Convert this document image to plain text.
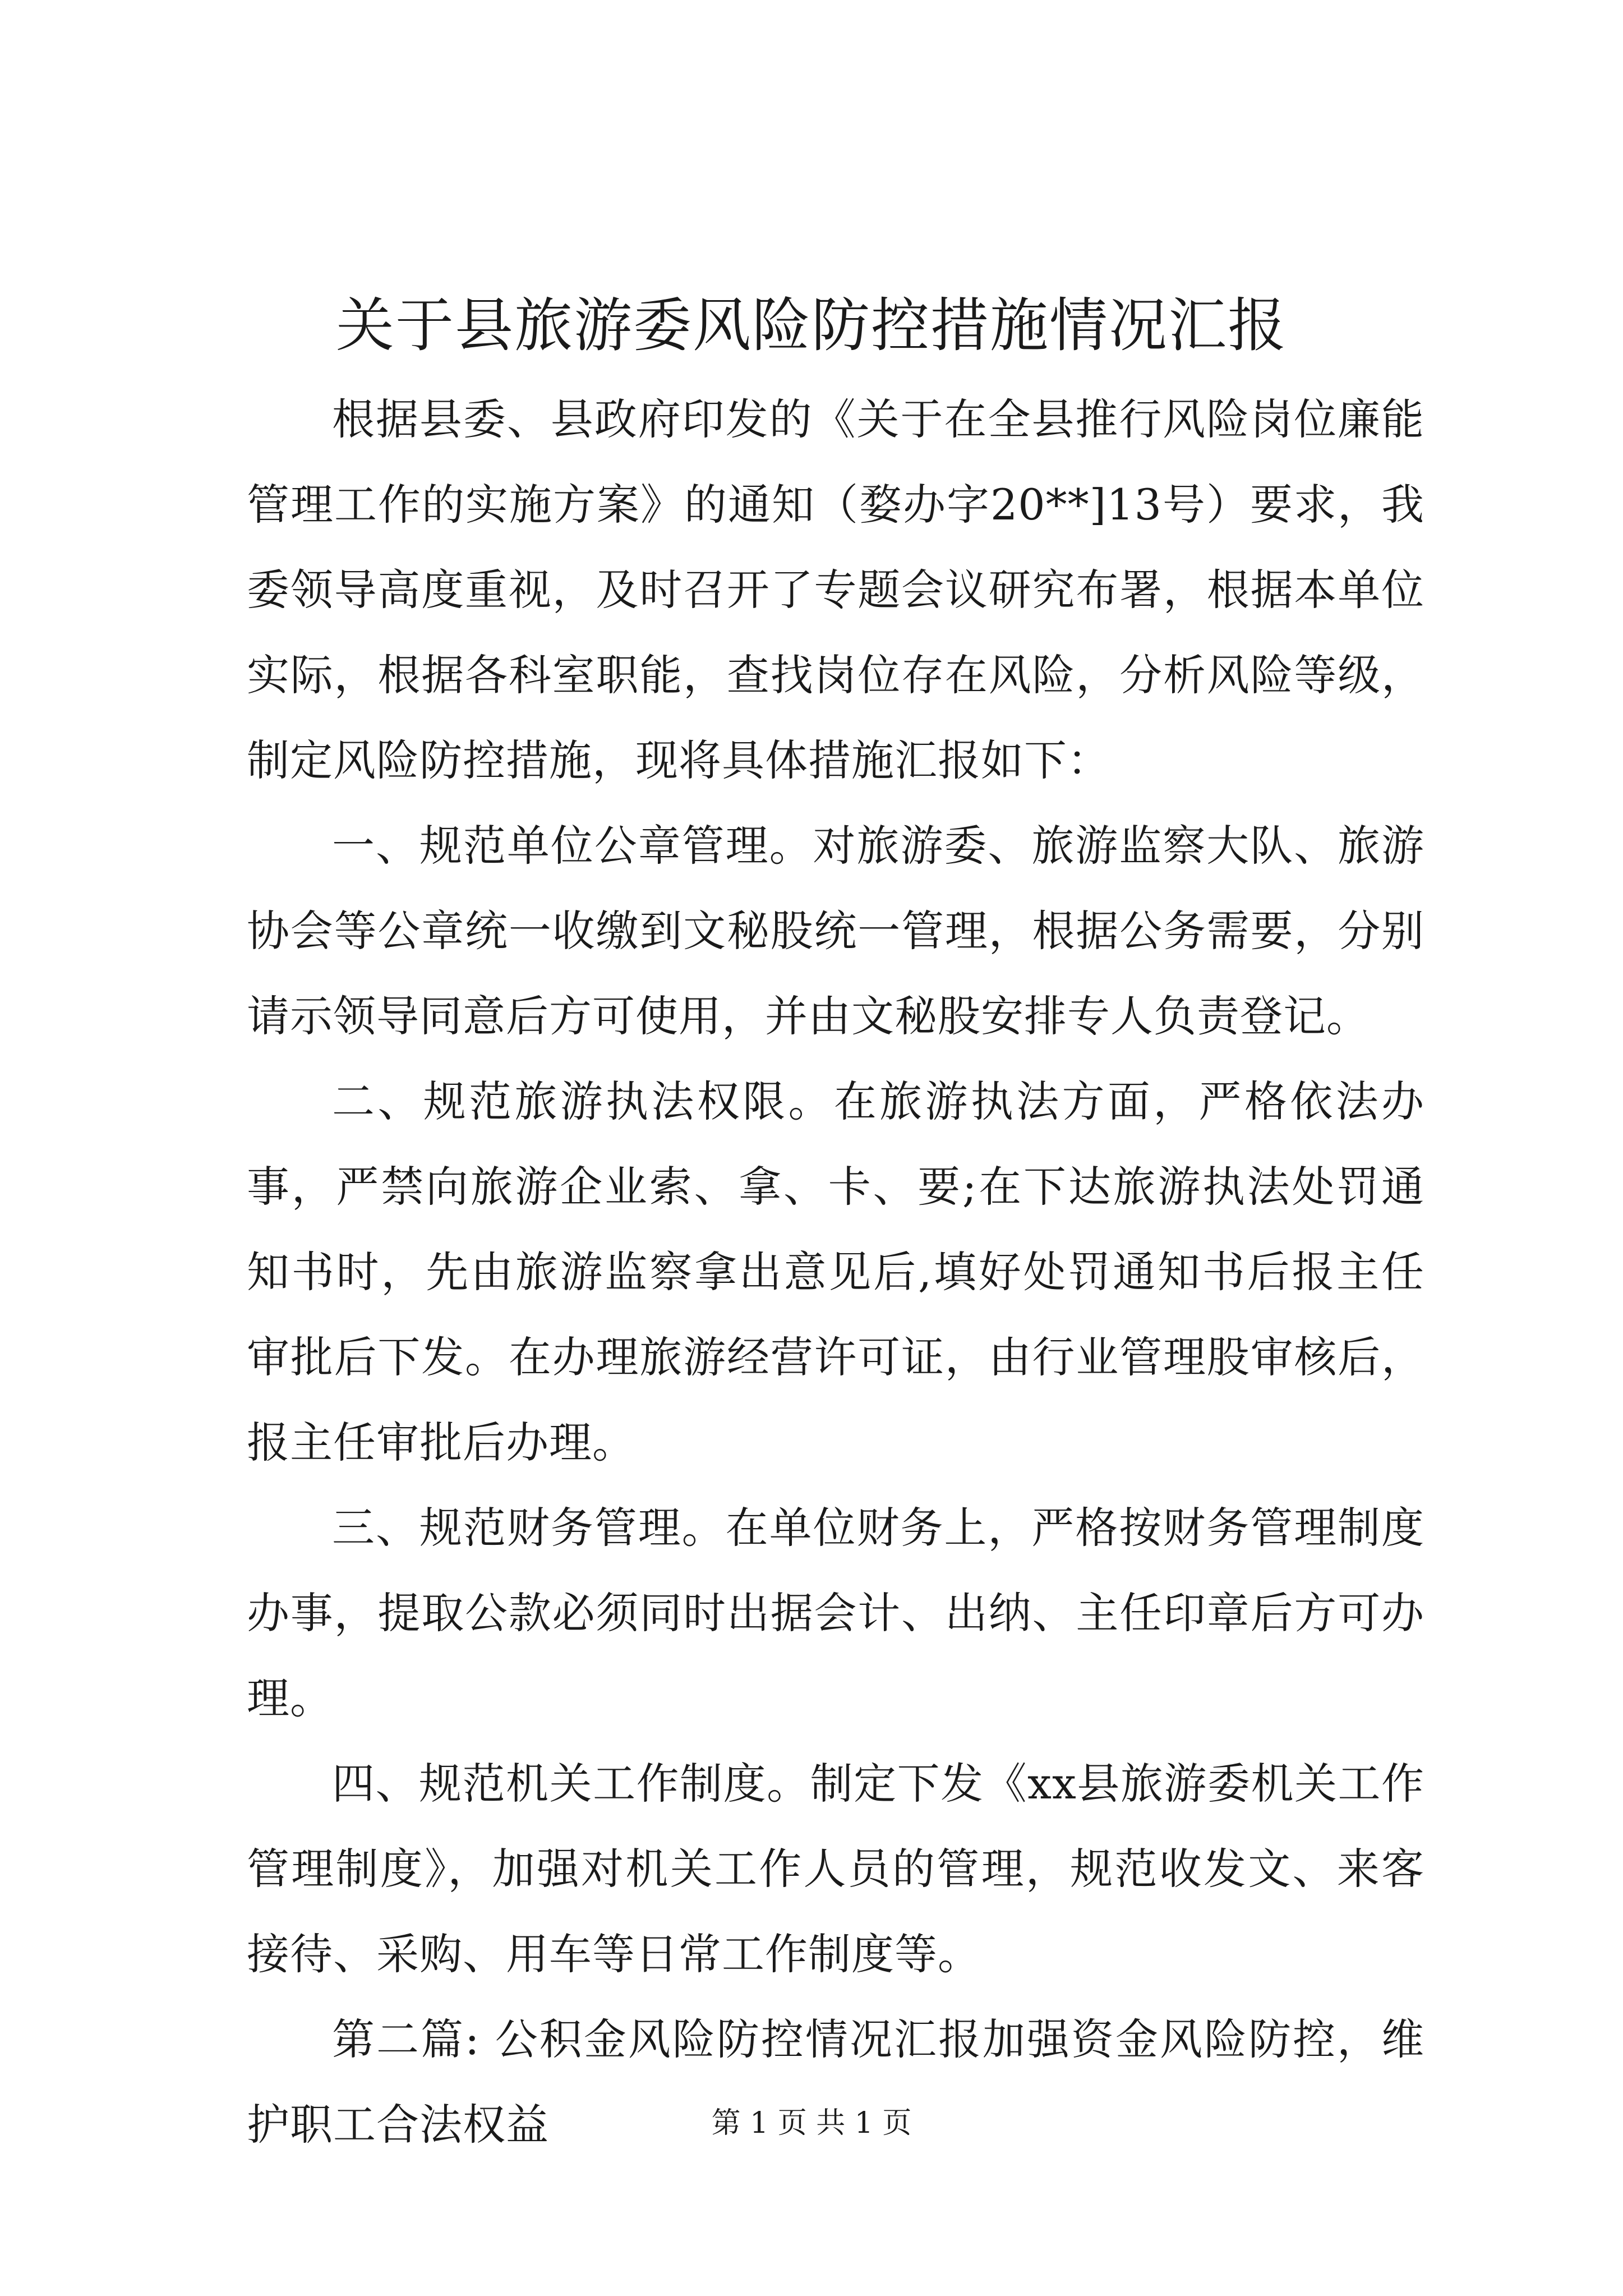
关于县旅游委风险防控措施情况汇报

根据县委、县政府印发的《关于在全县推行风险岗位廉能管理工作的实施方案》的通知（婺办字20**]13号）要求，我委领导高度重视，及时召开了专题会议研究布署，根据本单位实际，根据各科室职能，查找岗位存在风险，分析风险等级，制定风险防控措施，现将具体措施汇报如下：

一、规范单位公章管理。对旅游委、旅游监察大队、旅游协会等公章统一收缴到文秘股统一管理，根据公务需要，分别请示领导同意后方可使用，并由文秘股安排专人负责登记。

二、规范旅游执法权限。在旅游执法方面，严格依法办事，严禁向旅游企业索、拿、卡、要;在下达旅游执法处罚通知书时，先由旅游监察拿出意见后,填好处罚通知书后报主任审批后下发。在办理旅游经营许可证，由行业管理股审核后，报主任审批后办理。

三、规范财务管理。在单位财务上，严格按财务管理制度办事，提取公款必须同时出据会计、出纳、主任印章后方可办理。

四、规范机关工作制度。制定下发《xx县旅游委机关工作管理制度》，加强对机关工作人员的管理，规范收发文、来客接待、采购、用车等日常工作制度等。

第二篇: 公积金风险防控情况汇报加强资金风险防控，维护职工合法权益	第 1 页 共 1 页
